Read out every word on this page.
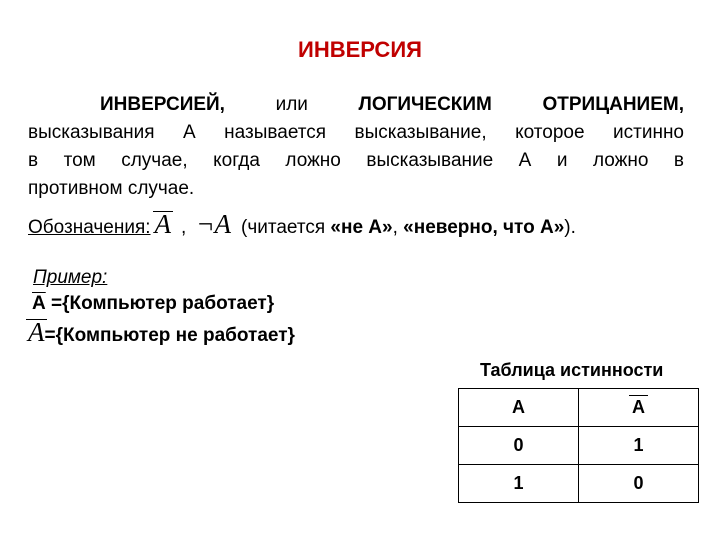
ИНВЕРСИЯ
ИНВЕРСИЕЙ,	или	ЛОГИЧЕСКИМ	ОТРИЦАНИЕМ,
высказывания А называется высказывание, которое истинно
в том случае, когда ложно высказывание А и ложно в
противном случае.
Обозначения: A , ¬A (читается «не А», «неверно, что А»).
Пример:
А ={Компьютер работает}
A ={Компьютер не работает}
Таблица истинности
A	A
0	1
1	0
